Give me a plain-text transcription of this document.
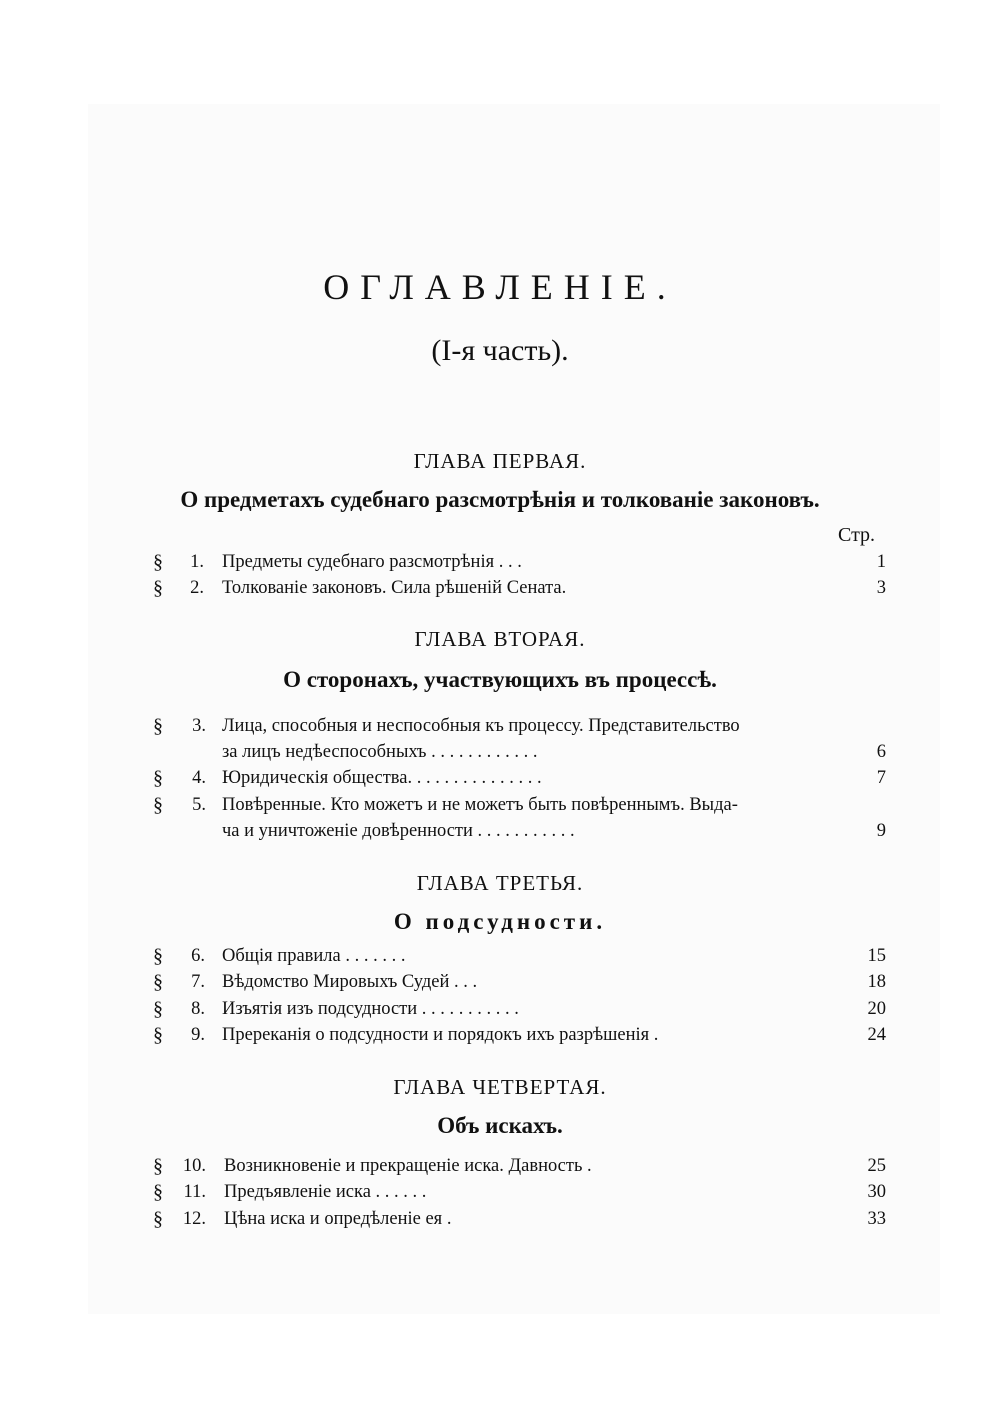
ОГЛАВЛЕНIЕ.
(I-я часть).
ГЛАВА ПЕРВАЯ.
О предметахъ судебнаго разсмотрѣнія и толкованіе законовъ.
Стр.
§	1. Предметы судебнаго разсмотрѣнія . . .	1
§	2. Толкованіе законовъ. Сила рѣшеній Сената.	3
ГЛАВА ВТОРАЯ.
О сторонахъ, участвующихъ въ процессѣ.
§	3. Лица, способныя и неспособныя къ процессу. Представительство
за лицъ недѣеспособныхъ . . . . . . . . . . . .	6
§	4. Юридическія общества. . . . . . . . . . . . . . .	7
§	5. Повѣренные. Кто можетъ и не можетъ быть повѣреннымъ. Выда-
ча и уничтоженіе довѣренности . . . . . . . . . . .	9
ГЛАВА ТРЕТЬЯ.
О подсудности.
§	6. Общія правила . . . . . . .	15
§	7. Вѣдомство Мировыхъ Судей . . .	18
§	8. Изъятія изъ подсудности . . . . . . . . . . .	20
§	9. Пререканія о подсудности и порядокъ ихъ разрѣшенія .	24
ГЛАВА ЧЕТВЕРТАЯ.
Объ искахъ.
§	10. Возникновеніе и прекращеніе иска. Давность .	25
§	11. Предъявленіе иска . . . . . .	30
§	12. Цѣна иска и опредѣленіе ея .	33
